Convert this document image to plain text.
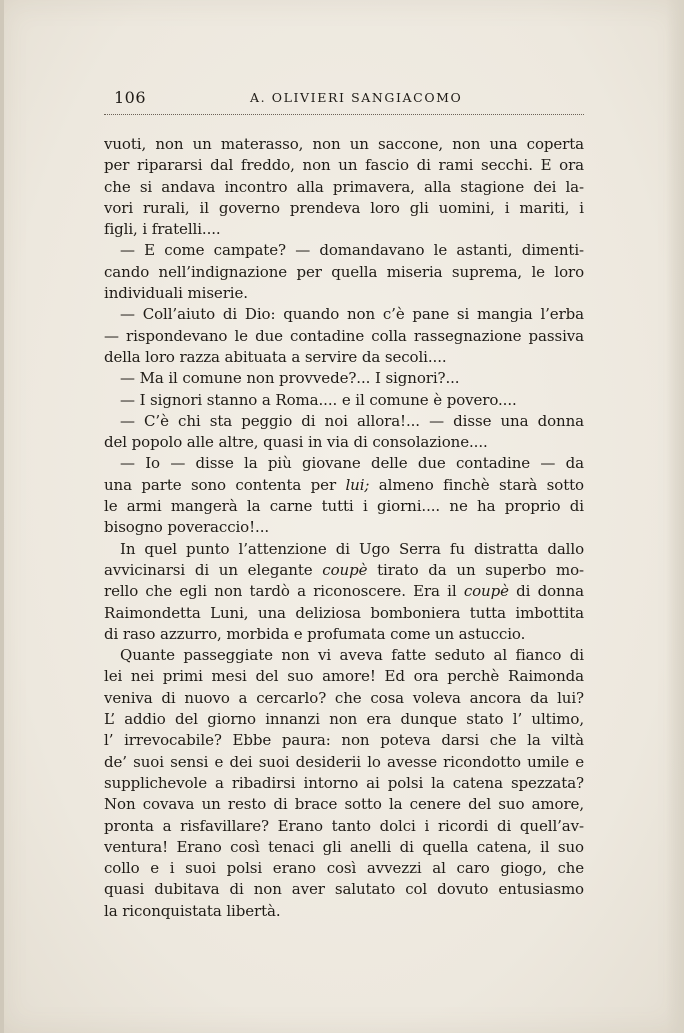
106	A. OLIVIERI SANGIACOMO
vuoti, non un materasso, non un saccone, non una coperta
per ripararsi dal freddo, non un fascio di rami secchi. E ora
che si andava incontro alla primavera, alla stagione dei la-
vori rurali, il governo prendeva loro gli uomini, i mariti, i
figli, i fratelli....
— E come campate? — domandavano le astanti, dimenti-
cando nell’indignazione per quella miseria suprema, le loro
individuali miserie.
— Coll’aiuto di Dio: quando non c’è pane si mangia l’erba
— rispondevano le due contadine colla rassegnazione passiva
della loro razza abituata a servire da secoli....
— Ma il comune non provvede?... I signori?...
— I signori stanno a Roma.... e il comune è povero....
— C’è chi sta peggio di noi allora!... — disse una donna
del popolo alle altre, quasi in via di consolazione....
— Io — disse la più giovane delle due contadine — da
una parte sono contenta per lui; almeno finchè starà sotto
le armi mangerà la carne tutti i giorni.... ne ha proprio di
bisogno poveraccio!...
In quel punto l’attenzione di Ugo Serra fu distratta dallo
avvicinarsi di un elegante coupè tirato da un superbo mo-
rello che egli non tardò a riconoscere. Era il coupè di donna
Raimondetta Luni, una deliziosa bomboniera tutta imbottita
di raso azzurro, morbida e profumata come un astuccio.
Quante passeggiate non vi aveva fatte seduto al fianco di
lei nei primi mesi del suo amore! Ed ora perchè Raimonda
veniva di nuovo a cercarlo? che cosa voleva ancora da lui?
L’ addio del giorno innanzi non era dunque stato l’ ultimo,
l’ irrevocabile? Ebbe paura: non poteva darsi che la viltà
de’ suoi sensi e dei suoi desiderii lo avesse ricondotto umile e
supplichevole a ribadirsi intorno ai polsi la catena spezzata?
Non covava un resto di brace sotto la cenere del suo amore,
pronta a risfavillare? Erano tanto dolci i ricordi di quell’av-
ventura! Erano così tenaci gli anelli di quella catena, il suo
collo e i suoi polsi erano così avvezzi al caro giogo, che
quasi dubitava di non aver salutato col dovuto entusiasmo
la riconquistata libertà.
